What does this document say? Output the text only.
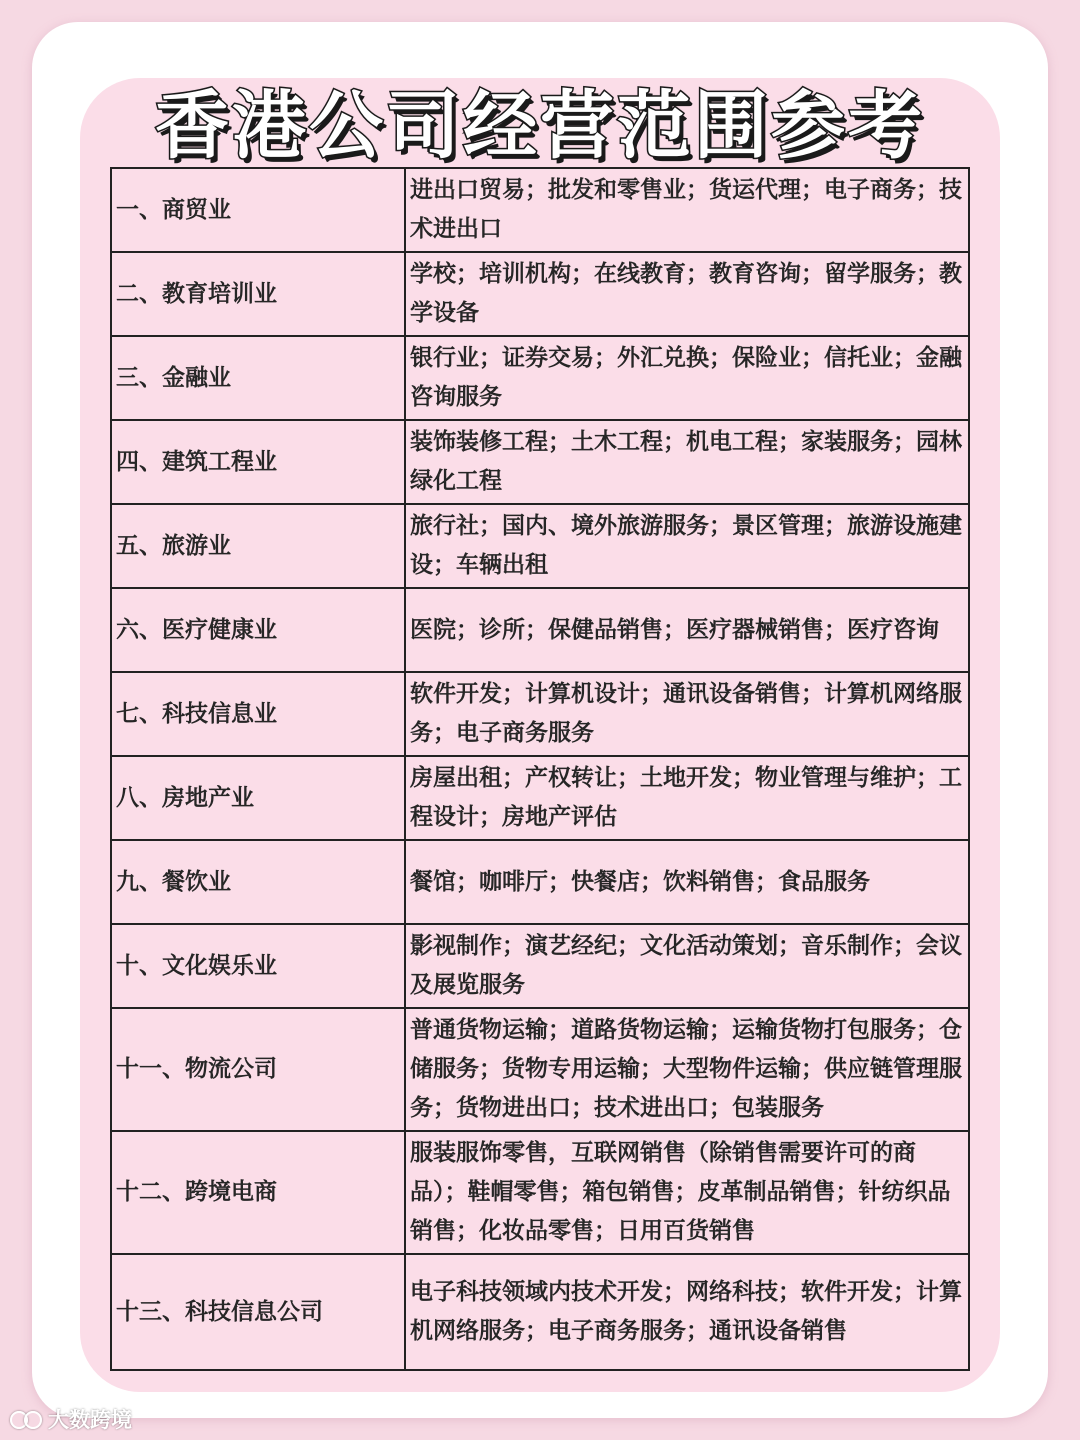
香港公司经营范围参考
一、商贸业	进出口贸易；批发和零售业；货运代理；电子商务；技术进出口
二、教育培训业	学校；培训机构；在线教育；教育咨询；留学服务；教学设备
三、金融业	银行业；证券交易；外汇兑换；保险业；信托业；金融咨询服务
四、建筑工程业	装饰装修工程；土木工程；机电工程；家装服务；园林绿化工程
五、旅游业	旅行社；国内、境外旅游服务；景区管理；旅游设施建设；车辆出租
六、医疗健康业	医院；诊所；保健品销售；医疗器械销售；医疗咨询
七、科技信息业	软件开发；计算机设计；通讯设备销售；计算机网络服务；电子商务服务
八、房地产业	房屋出租；产权转让；土地开发；物业管理与维护；工程设计；房地产评估
九、餐饮业	餐馆；咖啡厅；快餐店；饮料销售；食品服务
十、文化娱乐业	影视制作；演艺经纪；文化活动策划；音乐制作；会议及展览服务
十一、物流公司	普通货物运输；道路货物运输；运输货物打包服务；仓储服务；货物专用运输；大型物件运输；供应链管理服务；货物进出口；技术进出口；包装服务
十二、跨境电商	服装服饰零售，互联网销售（除销售需要许可的商品）；鞋帽零售；箱包销售；皮革制品销售；针纺织品销售；化妆品零售；日用百货销售
十三、科技信息公司	电子科技领域内技术开发；网络科技；软件开发；计算机网络服务；电子商务服务；通讯设备销售
大数跨境
